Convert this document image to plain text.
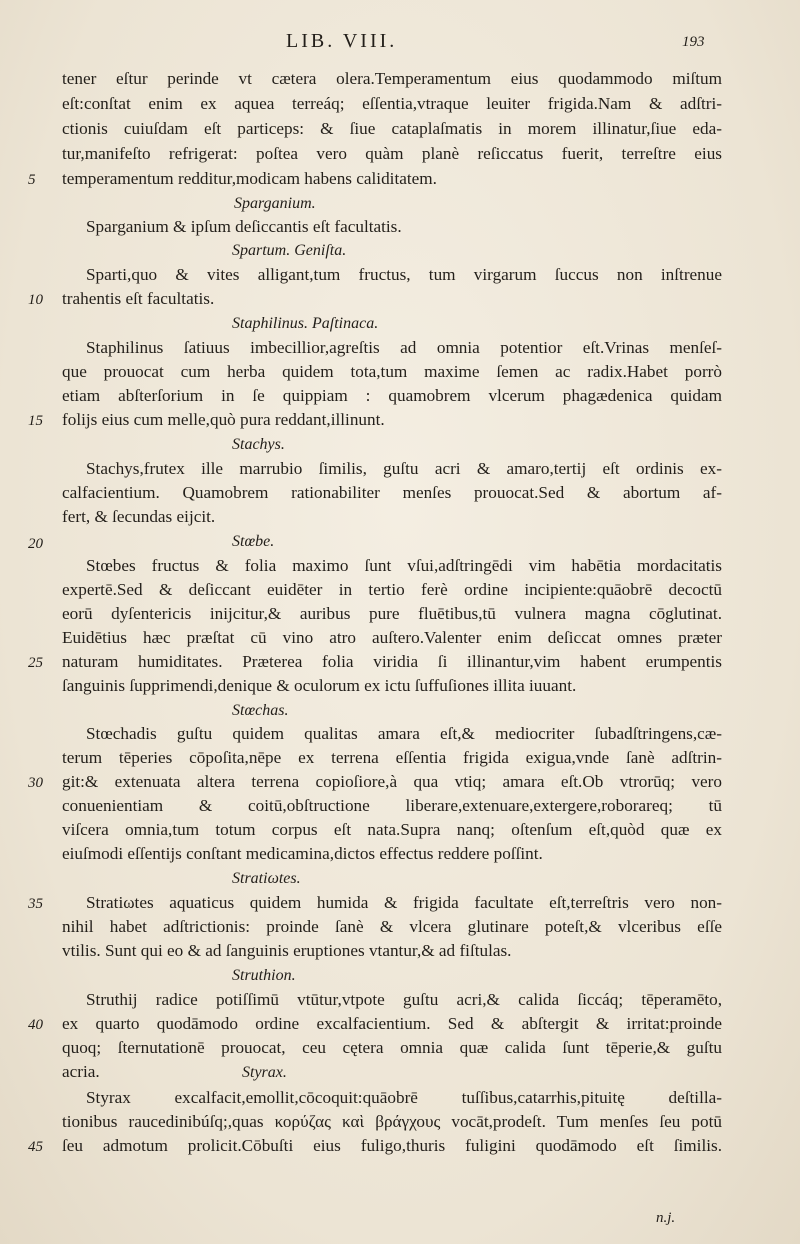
LIB. VIII.	193
tener eſtur perinde vt cætera olera.Temperamentum eius quodammodo miſtum
eſt:conſtat enim ex aquea terreáq; eſſentia,vtraque leuiter frigida.Nam & adſtri-
ctionis cuiuſdam eſt particeps: & ſiue cataplaſmatis in morem illinatur,ſiue eda-
tur,manifeſto refrigerat: poſtea vero quàm planè reſiccatus fuerit, terreſtre eius
temperamentum redditur,modicam habens caliditatem.
Sparganium.
Sparganium & ipſum deſiccantis eſt facultatis.
Spartum. Geniſta.
Sparti,quo & vites alligant,tum fructus, tum virgarum ſuccus non inſtrenue
trahentis eſt facultatis.
Staphilinus. Paſtinaca.
Staphilinus ſatiuus imbecillior,agreſtis ad omnia potentior eſt.Vrinas menſeſ-
que prouocat cum herba quidem tota,tum maxime ſemen ac radix.Habet porrò
etiam abſterſorium in ſe quippiam : quamobrem vlcerum phagædenica quidam
folijs eius cum melle,quò pura reddant,illinunt.
Stachys.
Stachys,frutex ille marrubio ſimilis, guſtu acri & amaro,tertij eſt ordinis ex-
calfacientium. Quamobrem rationabiliter menſes prouocat.Sed & abortum af-
fert, & ſecundas eijcit.
Stœbe.
Stœbes fructus & folia maximo ſunt vſui,adſtringēdi vim habētia mordacitatis
expertē.Sed & deſiccant euidēter in tertio ferè ordine incipiente:quāobrē decoctū
eorū dyſentericis inijcitur,& auribus pure fluētibus,tū vulnera magna cōglutinat.
Euidētius hæc præſtat cū vino atro auſtero.Valenter enim deſiccat omnes præter
naturam humiditates. Præterea folia viridia ſi illinantur,vim habent erumpentis
ſanguinis ſupprimendi,denique & oculorum ex ictu ſuffuſiones illita iuuant.
Stœchas.
Stœchadis guſtu quidem qualitas amara eſt,& mediocriter ſubadſtringens,cæ-
terum tēperies cōpoſita,nēpe ex terrena eſſentia frigida exigua,vnde ſanè adſtrin-
git:& extenuata altera terrena copioſiore,à qua vtiq; amara eſt.Ob vtrorūq; vero
conuenientiam & coitū,obſtructione liberare,extenuare,extergere,roborareq; tū
viſcera omnia,tum totum corpus eſt nata.Supra nanq; oſtenſum eſt,quòd quæ ex
eiuſmodi eſſentijs conſtant medicamina,dictos effectus reddere poſſint.
Stratiωtes.
Stratiωtes aquaticus quidem humida & frigida facultate eſt,terreſtris vero non-
nihil habet adſtrictionis: proinde ſanè & vlcera glutinare poteſt,& vlceribus eſſe
vtilis. Sunt qui eo & ad ſanguinis eruptiones vtantur,& ad fiſtulas.
Struthion.
Struthij radice potiſſimū vtūtur,vtpote guſtu acri,& calida ſiccáq; tēperamēto,
ex quarto quodāmodo ordine excalfacientium. Sed & abſtergit & irritat:proinde
quoq; ſternutationē prouocat, ceu cętera omnia quæ calida ſunt tēperie,& guſtu
acria.	Styrax.
Styrax excalfacit,emollit,cōcoquit:quāobrē tuſſibus,catarrhis,pituitę deſtilla-
tionibus raucedinibúſq;,quas κορύζας καὶ βράγχους vocāt,prodeſt. Tum menſes ſeu potū
ſeu admotum prolicit.Cōbuſti eius fuligo,thuris fuligini quodāmodo eſt ſimilis.
5
10
15
20
25
30
35
40
45
n.j.
